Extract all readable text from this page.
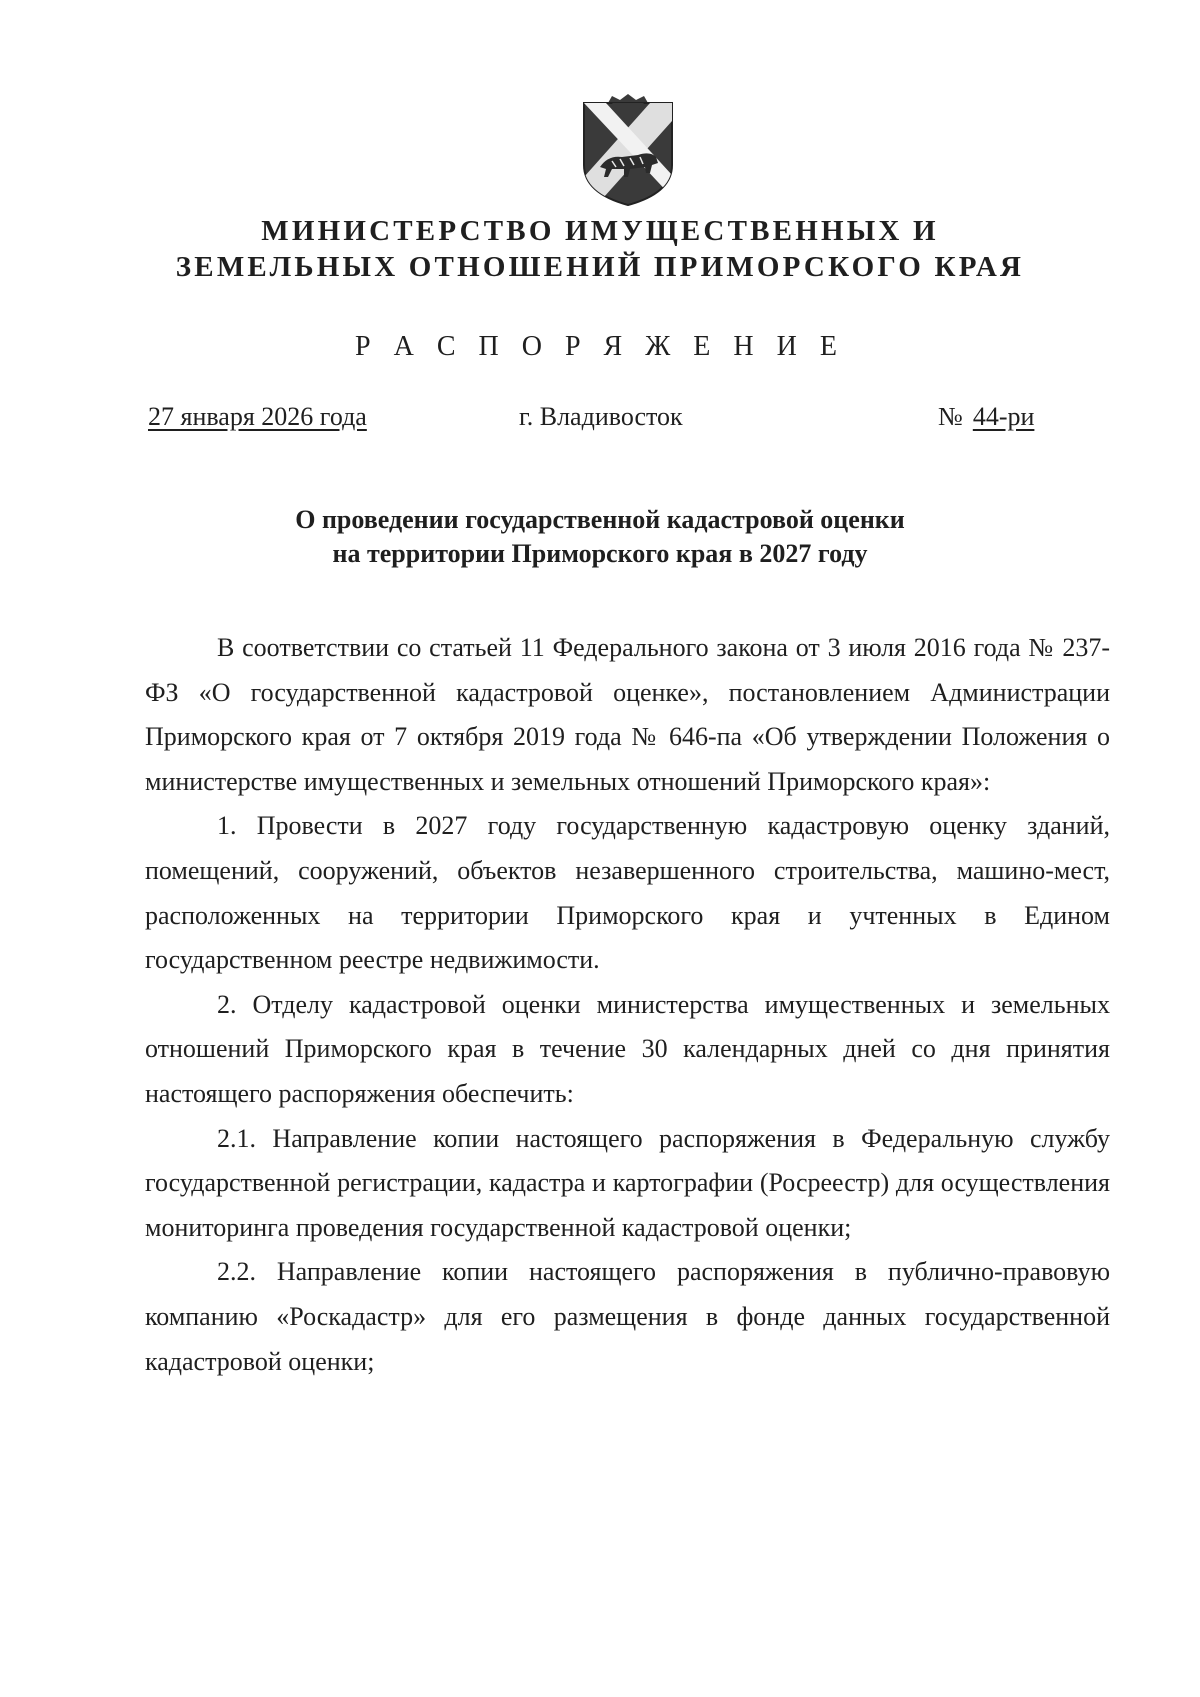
МИНИСТЕРСТВО ИМУЩЕСТВЕННЫХ И
ЗЕМЕЛЬНЫХ ОТНОШЕНИЙ ПРИМОРСКОГО КРАЯ
Р А С П О Р Я Ж Е Н И Е
27 января 2026 года	г. Владивосток	№ 44-ри
О проведении государственной кадастровой оценки
на территории Приморского края в 2027 году

В соответствии со статьей 11 Федерального закона от 3 июля 2016 года № 237-ФЗ «О государственной кадастровой оценке», постановлением Администрации Приморского края от 7 октября 2019 года № 646-па «Об утверждении Положения о министерстве имущественных и земельных отношений Приморского края»:

1. Провести в 2027 году государственную кадастровую оценку зданий, помещений, сооружений, объектов незавершенного строительства, машино-мест, расположенных на территории Приморского края и учтенных в Едином государственном реестре недвижимости.

2. Отделу кадастровой оценки министерства имущественных и земельных отношений Приморского края в течение 30 календарных дней со дня принятия настоящего распоряжения обеспечить:

2.1. Направление копии настоящего распоряжения в Федеральную службу государственной регистрации, кадастра и картографии (Росреестр) для осуществления мониторинга проведения государственной кадастровой оценки;

2.2. Направление копии настоящего распоряжения в публично-правовую компанию «Роскадастр» для его размещения в фонде данных государственной кадастровой оценки;
